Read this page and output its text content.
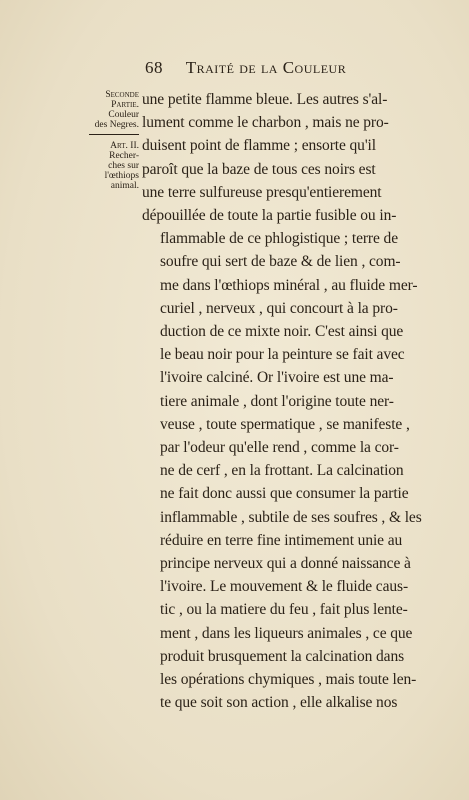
68 Traité de la Couleur
Seconde
Partie.
Couleur
des Negres.
Art. II.
Recher-
ches sur
l'œthiops
animal.
une petite flamme bleue. Les autres s'al-
lument comme le charbon , mais ne pro-
duisent point de flamme ; ensorte qu'il
paroît que la baze de tous ces noirs est
une terre sulfureuse presqu'entierement
dépouillée de toute la partie fusible ou in-
flammable de ce phlogistique ; terre de
soufre qui sert de baze & de lien , com-
me dans l'œthiops minéral , au fluide mer-
curiel , nerveux , qui concourt à la pro-
duction de ce mixte noir. C'est ainsi que
le beau noir pour la peinture se fait avec
l'ivoire calciné. Or l'ivoire est une ma-
tiere animale , dont l'origine toute ner-
veuse , toute spermatique , se manifeste ,
par l'odeur qu'elle rend , comme la cor-
ne de cerf , en la frottant. La calcination
ne fait donc aussi que consumer la partie
inflammable , subtile de ses soufres , & les
réduire en terre fine intimement unie au
principe nerveux qui a donné naissance à
l'ivoire. Le mouvement & le fluide caus-
tic , ou la matiere du feu , fait plus lente-
ment , dans les liqueurs animales , ce que
produit brusquement la calcination dans
les opérations chymiques , mais toute len-
te que soit son action , elle alkalise nos
